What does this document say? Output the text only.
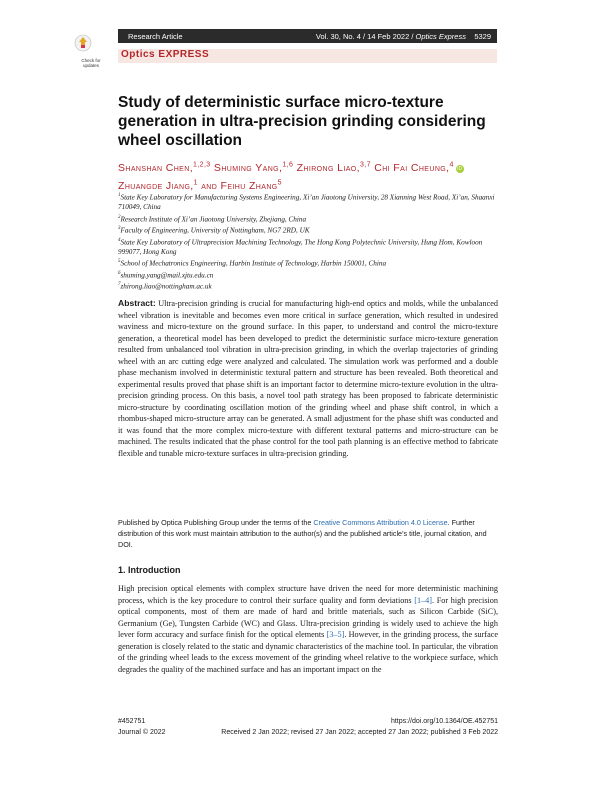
Check for
updates
Research Article	Vol. 30, No. 4 / 14 Feb 2022 / Optics Express 5329
Optics EXPRESS
Study of deterministic surface micro-texture generation in ultra-precision grinding considering wheel oscillation
Shanshan Chen,$^{1,2,3}$ Shuming Yang,$^{1,6}$ Zhirong Liao,$^{3,7}$ Chi Fai Cheung,$^4$iD Zhuangde Jiang,$^1$ and Feihu Zhang$^5$
$^1$State Key Laboratory for Manufacturing Systems Engineering, Xi’an Jiaotong University, 28 Xianning West Road, Xi’an, Shaanxi 710049, China
$^2$Research Institute of Xi’an Jiaotong University, Zhejiang, China
$^3$Faculty of Engineering, University of Nottingham, NG7 2RD, UK
$^4$State Key Laboratory of Ultraprecision Machining Technology, The Hong Kong Polytechnic University, Hung Hom, Kowloon 999077, Hong Kong
$^5$School of Mechatronics Engineering, Harbin Institute of Technology, Harbin 150001, China
$^6$shuming.yang@mail.xjtu.edu.cn
$^7$zhirong.liao@nottingham.ac.uk

Abstract: Ultra-precision grinding is crucial for manufacturing high-end optics and molds, while the unbalanced wheel vibration is inevitable and becomes even more critical in surface generation, which resulted in undesired waviness and micro-texture on the ground surface. In this paper, to understand and control the micro-texture generation, a theoretical model has been developed to predict the deterministic surface micro-texture generation resulted from unbalanced tool vibration in ultra-precision grinding, in which the overlap trajectories of grinding wheel with an arc cutting edge were analyzed and calculated. The simulation work was performed and a double phase mechanism involved in deterministic textural pattern and structure has been revealed. Both theoretical and experimental results proved that phase shift is an important factor to determine micro-texture evolution in the ultra-precision grinding process. On this basis, a novel tool path strategy has been proposed to fabricate deterministic micro-structure by coordinating oscillation motion of the grinding wheel and phase shift control, in which a rhombus-shaped micro-structure array can be generated. A small adjustment for the phase shift was conducted and it was found that the more complex micro-texture with different textural patterns and micro-structure can be machined. The results indicated that the phase control for the tool path planning is an effective method to fabricate flexible and tunable micro-texture surfaces in ultra-precision grinding.

Published by Optica Publishing Group under the terms of the Creative Commons Attribution 4.0 License. Further distribution of this work must maintain attribution to the author(s) and the published article’s title, journal citation, and DOI.

1. Introduction

High precision optical elements with complex structure have driven the need for more deterministic machining process, which is the key procedure to control their surface quality and form deviations [1–4]. For high precision optical components, most of them are made of hard and brittle materials, such as Silicon Carbide (SiC), Germanium (Ge), Tungsten Carbide (WC) and Glass. Ultra-precision grinding is widely used to achieve the high lever form accuracy and surface finish for the optical elements [3–5]. However, in the grinding process, the surface generation is closely related to the static and dynamic characteristics of the machine tool. In particular, the vibration of the grinding wheel leads to the excess movement of the grinding wheel relative to the workpiece surface, which degrades the quality of the machined surface and has an important impact on the

#452751	https://doi.org/10.1364/OE.452751
Journal © 2022	Received 2 Jan 2022; revised 27 Jan 2022; accepted 27 Jan 2022; published 3 Feb 2022
